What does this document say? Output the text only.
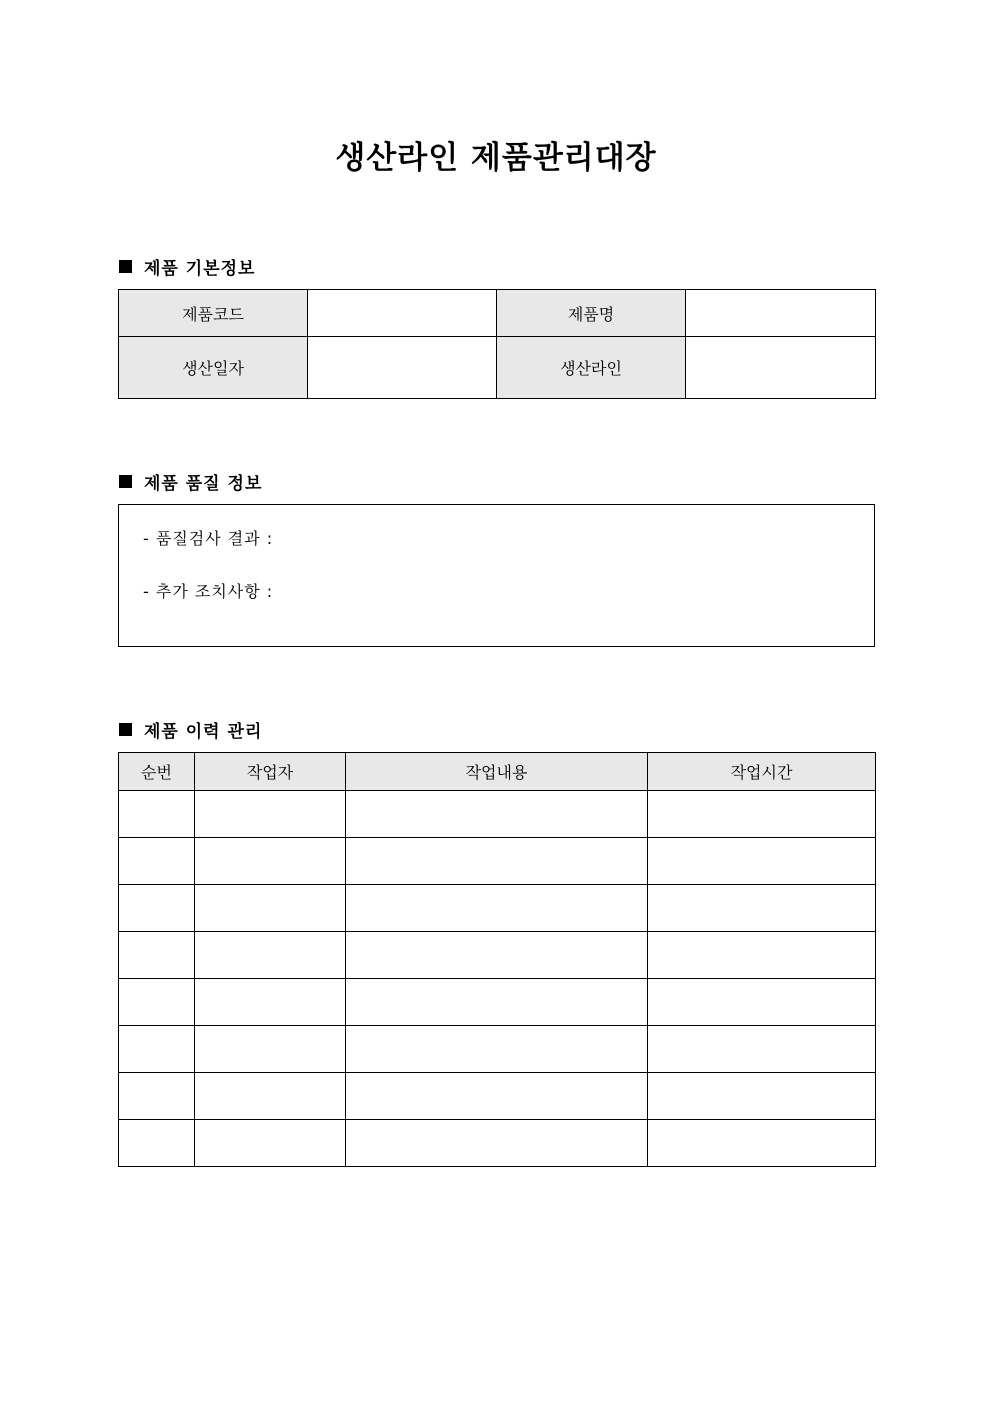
생산라인 제품관리대장
제품 기본정보
제품코드		제품명	
생산일자		생산라인	
제품 품질 정보
- 품질검사 결과 :
- 추가 조치사항 :
제품 이력 관리
순번	작업자	작업내용	작업시간
